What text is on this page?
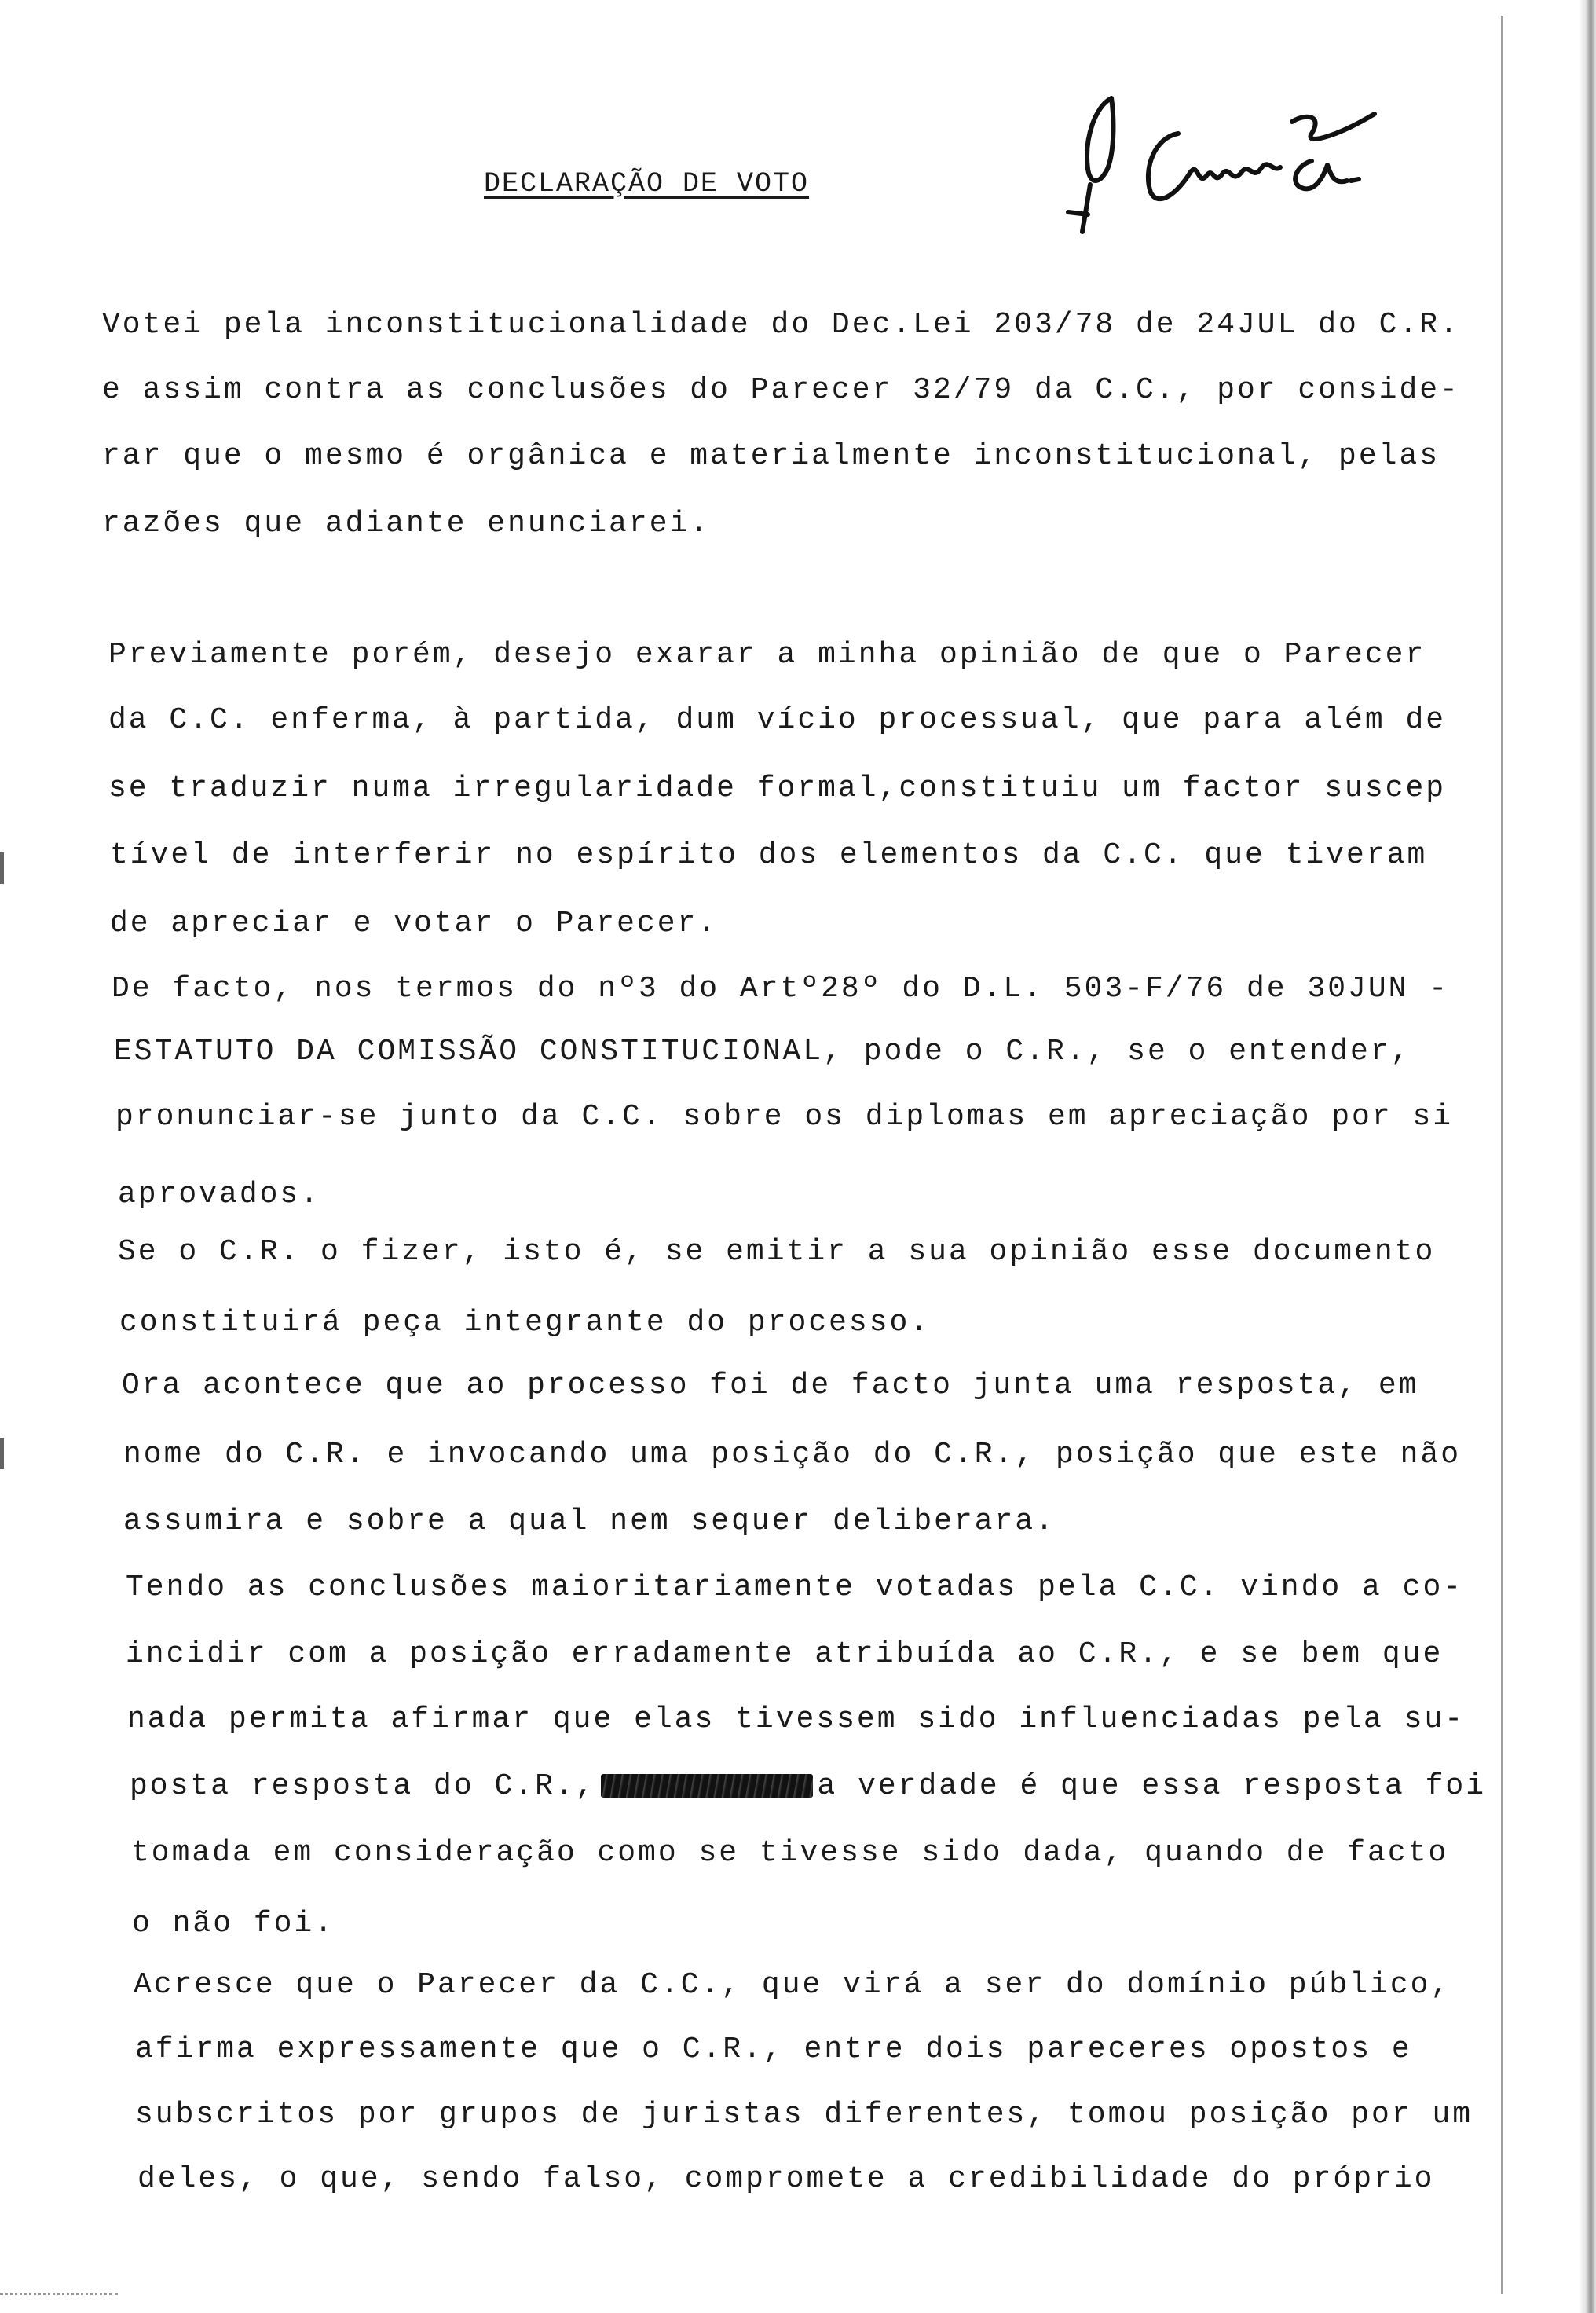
DECLARAÇÃO DE VOTO

Votei pela inconstitucionalidade do Dec.Lei 203/78 de 24JUL do C.R.

e assim contra as conclusões do Parecer 32/79 da C.C., por conside-

rar que o mesmo é orgânica e materialmente inconstitucional, pelas

razões que adiante enunciarei.

Previamente porém, desejo exarar a minha opinião de que o Parecer

da C.C. enferma, à partida, dum vício processual, que para além de

se traduzir numa irregularidade formal,constituiu um factor suscep

tível de interferir no espírito dos elementos da C.C. que tiveram

de apreciar e votar o Parecer.

De facto, nos termos do nº3 do Artº28º do D.L. 503-F/76 de 30JUN -

ESTATUTO DA COMISSÃO CONSTITUCIONAL, pode o C.R., se o entender,

pronunciar-se junto da C.C. sobre os diplomas em apreciação por si

aprovados.

Se o C.R. o fizer, isto é, se emitir a sua opinião esse documento

constituirá peça integrante do processo.

Ora acontece que ao processo foi de facto junta uma resposta, em

nome do C.R. e invocando uma posição do C.R., posição que este não

assumira e sobre a qual nem sequer deliberara.

Tendo as conclusões maioritariamente votadas pela C.C. vindo a co-

incidir com a posição erradamente atribuída ao C.R., e se bem que

nada permita afirmar que elas tivessem sido influenciadas pela su-

posta resposta do C.R.,	a verdade é que essa resposta foi

tomada em consideração como se tivesse sido dada, quando de facto

o não foi.

Acresce que o Parecer da C.C., que virá a ser do domínio público,

afirma expressamente que o C.R., entre dois pareceres opostos e

subscritos por grupos de juristas diferentes, tomou posição por um

deles, o que, sendo falso, compromete a credibilidade do próprio
